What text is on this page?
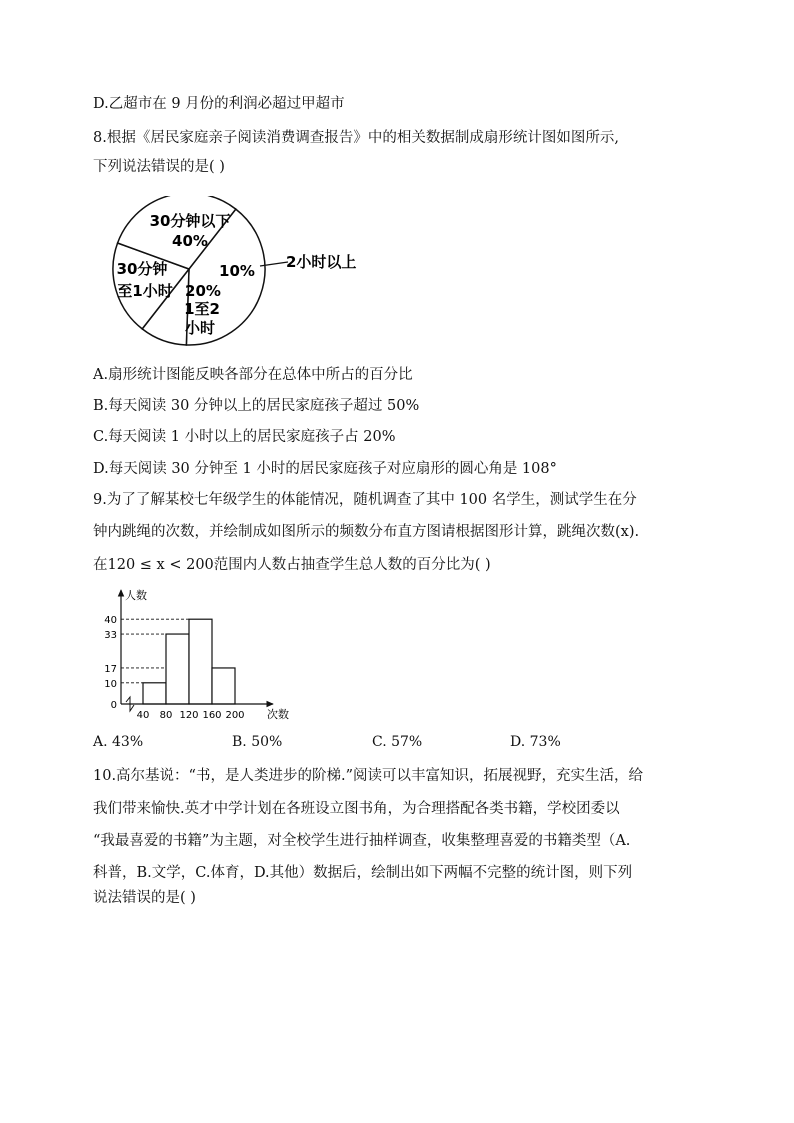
D.乙超市在 9 月份的利润必超过甲超市
8.根据《居民家庭亲子阅读消费调查报告》中的相关数据制成扇形统计图如图所示,
下列说法错误的是( )
30分钟以下
40%
10% 2小时以上
30分钟
至1小时 20%
1至2
小时
A.扇形统计图能反映各部分在总体中所占的百分比
B.每天阅读 30 分钟以上的居民家庭孩子超过 50%
C.每天阅读 1 小时以上的居民家庭孩子占 20%
D.每天阅读 30 分钟至 1 小时的居民家庭孩子对应扇形的圆心角是 108°
9.为了了解某校七年级学生的体能情况，随机调查了其中 100 名学生，测试学生在分
钟内跳绳的次数，并绘制成如图所示的频数分布直方图请根据图形计算，跳绳次数(x).
在120 ≤ x < 200范围内人数占抽查学生总人数的百分比为( )
40 80 120 160 200
0
10
17
33
40
人数
次数
A. 43%	B. 50%	C. 57%	D. 73%
10.高尔基说：“书，是人类进步的阶梯.”阅读可以丰富知识，拓展视野，充实生活，给
我们带来愉快.英才中学计划在各班设立图书角，为合理搭配各类书籍，学校团委以
“我最喜爱的书籍”为主题，对全校学生进行抽样调查，收集整理喜爱的书籍类型（A.
科普，B.文学，C.体育，D.其他）数据后，绘制出如下两幅不完整的统计图，则下列
说法错误的是( )
